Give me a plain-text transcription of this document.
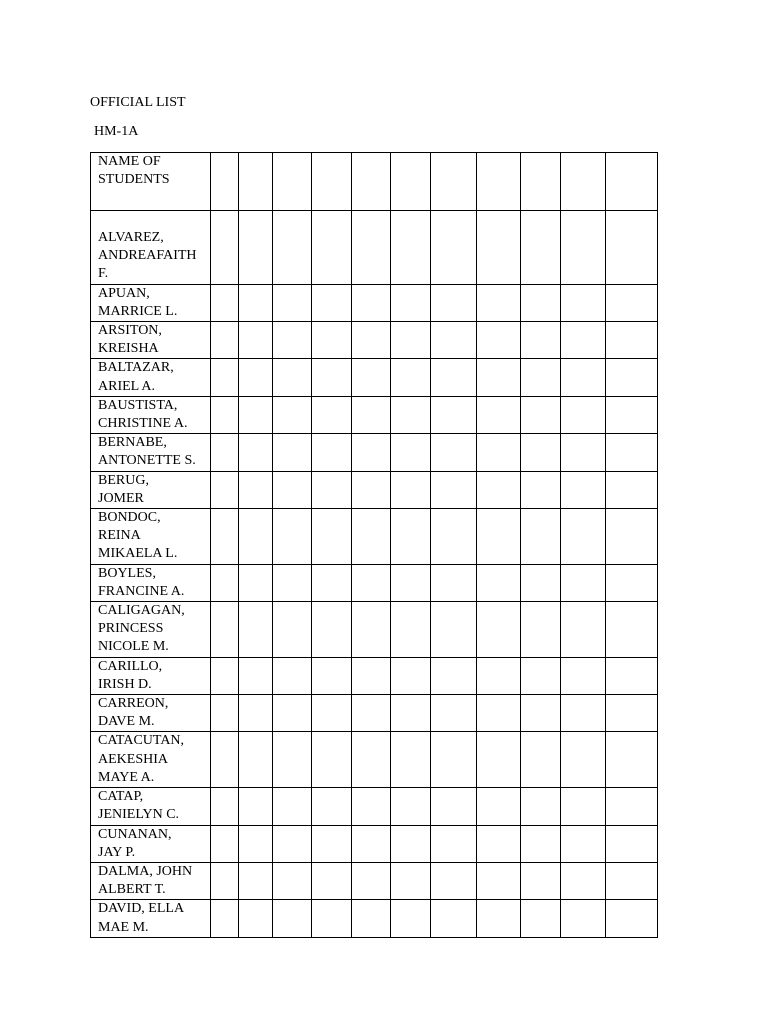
OFFICIAL LIST
HM-1A
NAME OF
STUDENTS											

ALVAREZ,
ANDREAFAITH
F.											

APUAN,
MARRICE L.											

ARSITON,
KREISHA											

BALTAZAR,
ARIEL A.											

BAUSTISTA,
CHRISTINE A.											

BERNABE,
ANTONETTE S.											

BERUG,
JOMER											

BONDOC,
REINA
MIKAELA L.											

BOYLES,
FRANCINE A.											

CALIGAGAN,
PRINCESS
NICOLE M.											

CARILLO,
IRISH D.											

CARREON,
DAVE M.											

CATACUTAN,
AEKESHIA
MAYE A.											

CATAP,
JENIELYN C.											

CUNANAN,
JAY P.											

DALMA, JOHN
ALBERT T.											

DAVID, ELLA
MAE M.											
